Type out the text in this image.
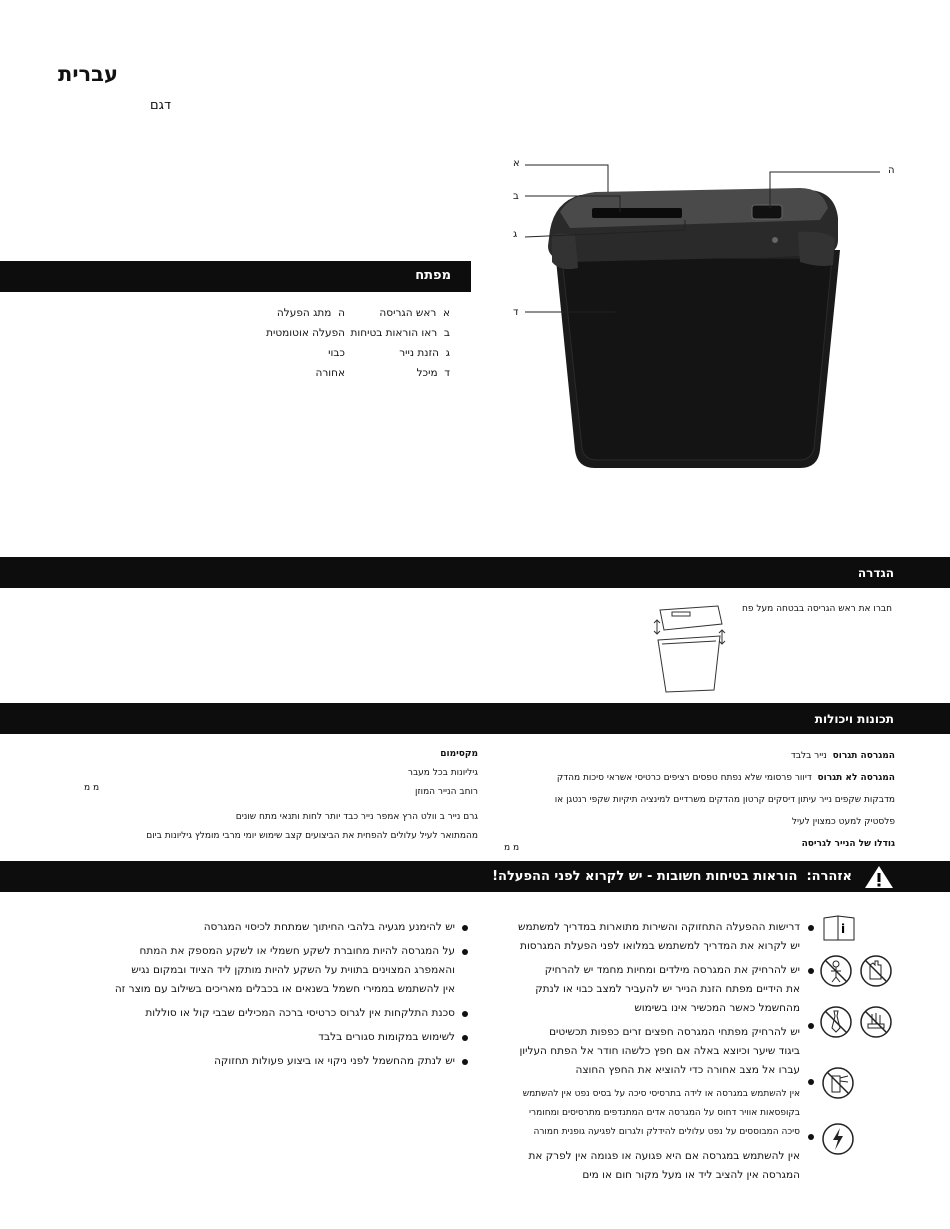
עברית
דגם
א
ב
ג
ד
ה
מפתח
א  ראש הגריסה
ב  ראו הוראות בטיחות
ג  הזנת נייר
ד  מיכל
ה  מתג הפעלה
הפעלה אוטומטית
כבוי
אחורה
הגדרה
חברו את ראש הגריסה בבטחה מעל פח
תכונות ויכולות
המגרסה תגרוס  נייר בלבד
המגרסה לא תגרוס  דיוור פרסומי שלא נפתח טפסים רציפים כרטיסי אשראי סיכות מהדק
מדבקות שקפים נייר עיתון דיסקים קרטון מהדקים משרדיים למינציה תיקיות שקפי רנטגן או
פלסטיק למעט כמצוין לעיל
גודלו של הנייר לגריסה
מ מ
מקסימום
גיליונות בכל מעבר
רוחב הנייר המוזן
גרם נייר ב וולט הרץ אמפר נייר כבד יותר לחות ותנאי מתח שונים
מהמתואר לעיל עלולים להפחית את הביצועים קצב שימוש יומי מרבי מומלץ גיליונות ביום
מ מ
אזהרה:  הוראות בטיחות חשובות - יש לקרוא לפני ההפעלה!
דרישות ההפעלה התחזוקה והשירות מתוארות במדריך למשתמש
יש לקרוא את המדריך למשתמש במלואו לפני הפעלת המגרסות
יש להרחיק את המגרסה מילדים ומחיות מחמד יש להרחיק
את הידיים מפתח הזנת הנייר יש להעביר למצב כבוי או לנתק
מהחשמל כאשר המכשיר אינו בשימוש
יש להרחיק מפתחי המגרסה חפצים זרים כפפות תכשיטים
ביגוד שיער וכיוצא באלה אם חפץ כלשהו חודר אל הפתח העליון
עברו אל מצב אחורה כדי להוציא את החפץ החוצה
אין להשתמש במגרסה או לידה בתרסיסי סיכה על בסיס נפט אין להשתמש
בקופסאות אוויר דחוס על המגרסה אדים המתנדפים מתרסיסים ומחומרי
סיכה המבוססים על נפט עלולים להידלק ולגרום לפגיעה גופנית חמורה
אין להשתמש במגרסה אם היא פגועה או פגומה אין לפרק את
המגרסה אין להציב ליד או מעל מקור חום או מים
i
יש להימנע מגעיה בלהבי החיתוך שמתחת לכיסוי המגרסה
על המגרסה להיות מחוברת לשקע חשמלי או לשקע המספק את המתח
והאמפרג המצוינים בתווית על השקע להיות מותקן ליד הציוד ובמקום נגיש
אין להשתמש בממירי חשמל בשנאים או בכבלים מאריכים בשילוב עם מוצר זה
סכנת התלקחות אין לגרוס כרטיסי ברכה המכילים שבבי קול או סוללות
לשימוש במקומות סגורים בלבד
יש לנתק מהחשמל לפני ניקוי או ביצוע פעולות תחזוקה
